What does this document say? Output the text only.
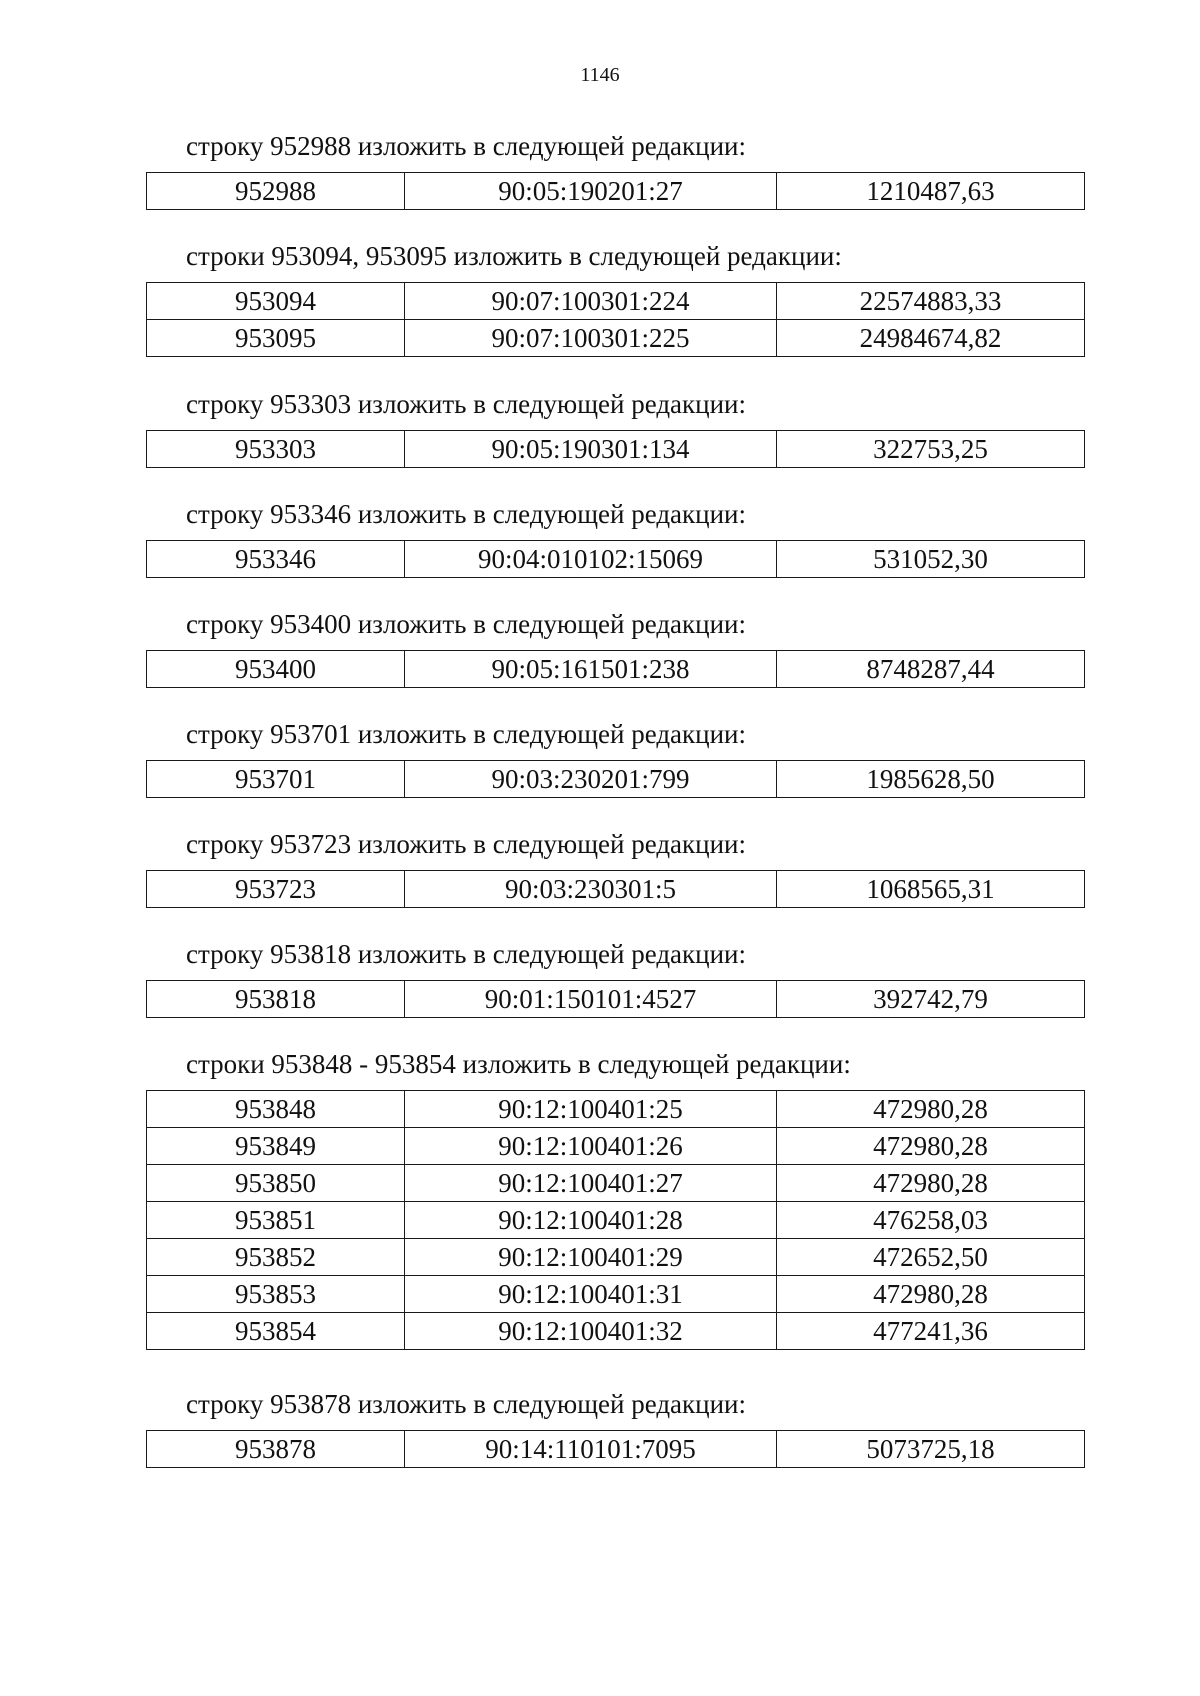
1146
строку 952988 изложить в следующей редакции:
952988	90:05:190201:27	1210487,63
строки 953094, 953095 изложить в следующей редакции:
953094	90:07:100301:224	22574883,33
953095	90:07:100301:225	24984674,82
строку 953303 изложить в следующей редакции:
953303	90:05:190301:134	322753,25
строку 953346 изложить в следующей редакции:
953346	90:04:010102:15069	531052,30
строку 953400 изложить в следующей редакции:
953400	90:05:161501:238	8748287,44
строку 953701 изложить в следующей редакции:
953701	90:03:230201:799	1985628,50
строку 953723 изложить в следующей редакции:
953723	90:03:230301:5	1068565,31
строку 953818 изложить в следующей редакции:
953818	90:01:150101:4527	392742,79
строки 953848 - 953854 изложить в следующей редакции:
953848	90:12:100401:25	472980,28
953849	90:12:100401:26	472980,28
953850	90:12:100401:27	472980,28
953851	90:12:100401:28	476258,03
953852	90:12:100401:29	472652,50
953853	90:12:100401:31	472980,28
953854	90:12:100401:32	477241,36
строку 953878 изложить в следующей редакции:
953878	90:14:110101:7095	5073725,18
